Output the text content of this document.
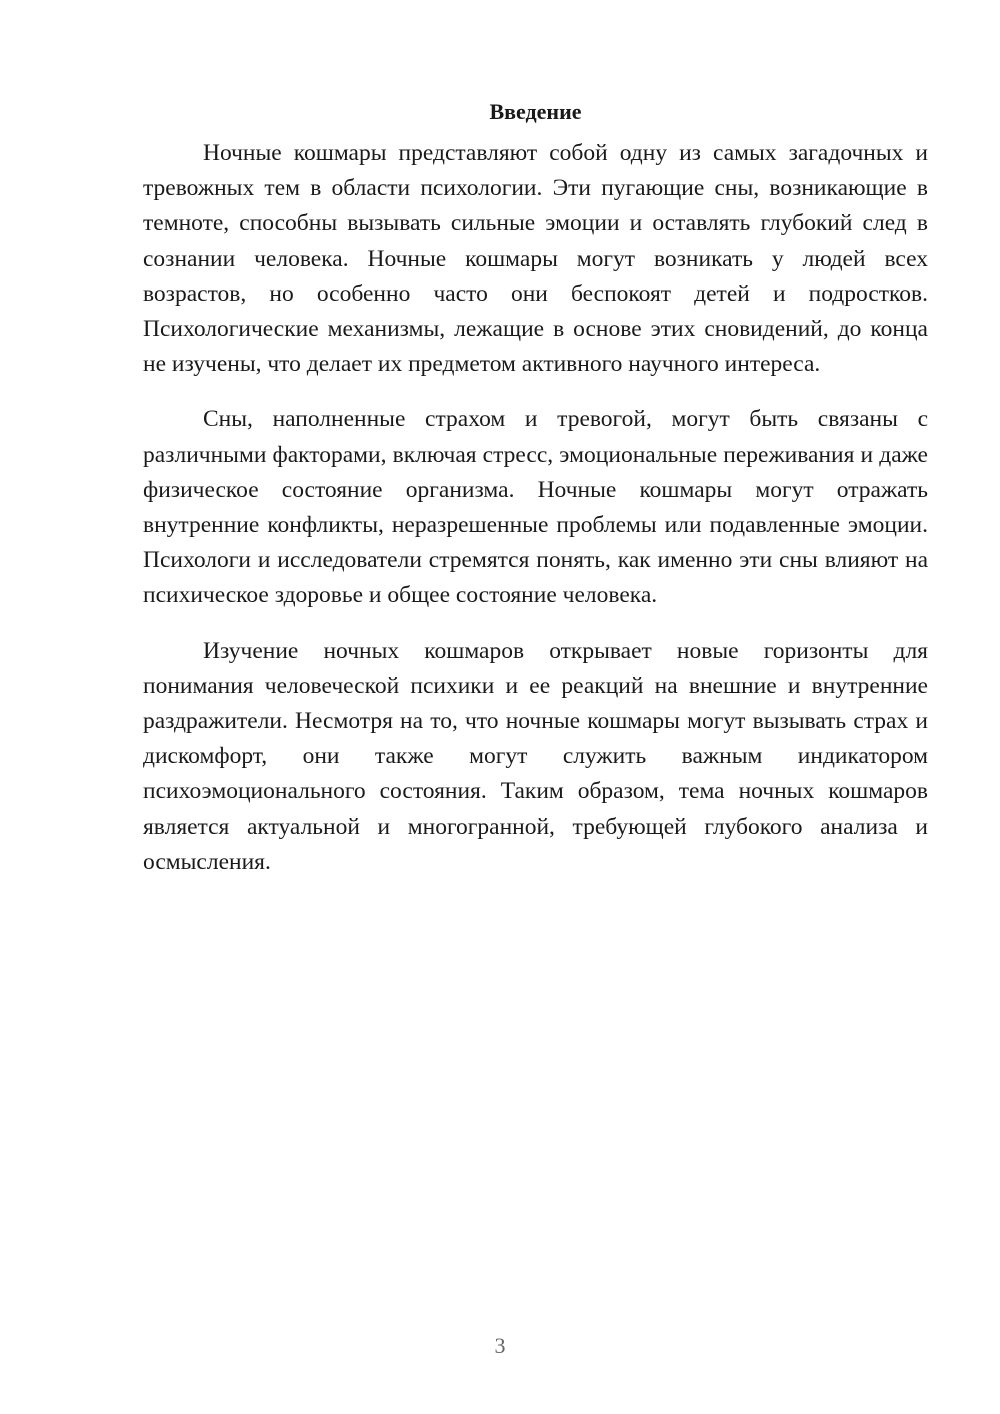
Введение

Ночные кошмары представляют собой одну из самых загадочных и тревожных тем в области психологии. Эти пугающие сны, возникающие в темноте, способны вызывать сильные эмоции и оставлять глубокий след в сознании человека. Ночные кошмары могут возникать у людей всех возрастов, но особенно часто они беспокоят детей и подростков. Психологические механизмы, лежащие в основе этих сновидений, до конца не изучены, что делает их предметом активного научного интереса.

Сны, наполненные страхом и тревогой, могут быть связаны с различными факторами, включая стресс, эмоциональные переживания и даже физическое состояние организма. Ночные кошмары могут отражать внутренние конфликты, неразрешенные проблемы или подавленные эмоции. Психологи и исследователи стремятся понять, как именно эти сны влияют на психическое здоровье и общее состояние человека.

Изучение ночных кошмаров открывает новые горизонты для понимания человеческой психики и ее реакций на внешние и внутренние раздражители. Несмотря на то, что ночные кошмары могут вызывать страх и дискомфорт, они также могут служить важным индикатором психоэмоционального состояния. Таким образом, тема ночных кошмаров является актуальной и многогранной, требующей глубокого анализа и осмысления.

3
